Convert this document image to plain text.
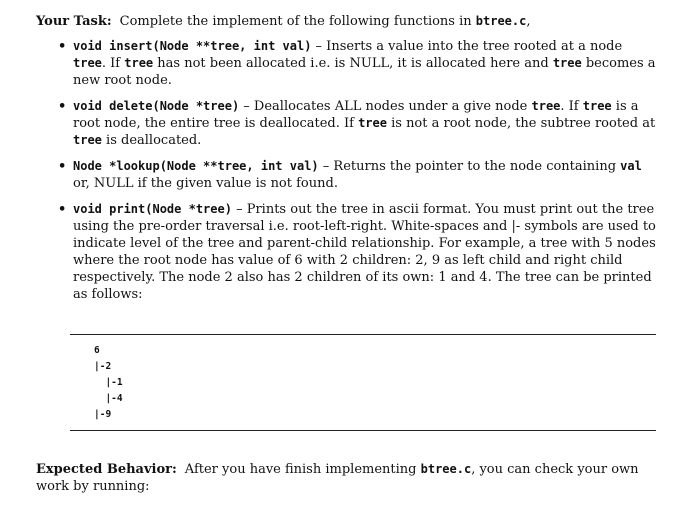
Your Task: Complete the implement of the following functions in btree.c,
• void insert(Node **tree, int val) – Inserts a value into the tree rooted at a node tree. If tree has not been allocated i.e. is NULL, it is allocated here and tree becomes a new root node.
• void delete(Node *tree) – Deallocates ALL nodes under a give node tree. If tree is a root node, the entire tree is deallocated. If tree is not a root node, the subtree rooted at tree is deallocated.
• Node *lookup(Node **tree, int val) – Returns the pointer to the node containing val or, NULL if the given value is not found.
• void print(Node *tree) – Prints out the tree in ascii format. You must print out the tree using the pre-order traversal i.e. root-left-right. White-spaces and |- symbols are used to indicate level of the tree and parent-child relationship. For example, a tree with 5 nodes where the root node has value of 6 with 2 children: 2, 9 as left child and right child respectively. The node 2 also has 2 children of its own: 1 and 4. The tree can be printed as follows:
6
|-2
|-1
|-4
|-9
Expected Behavior: After you have finish implementing btree.c, you can check your own work by running:
